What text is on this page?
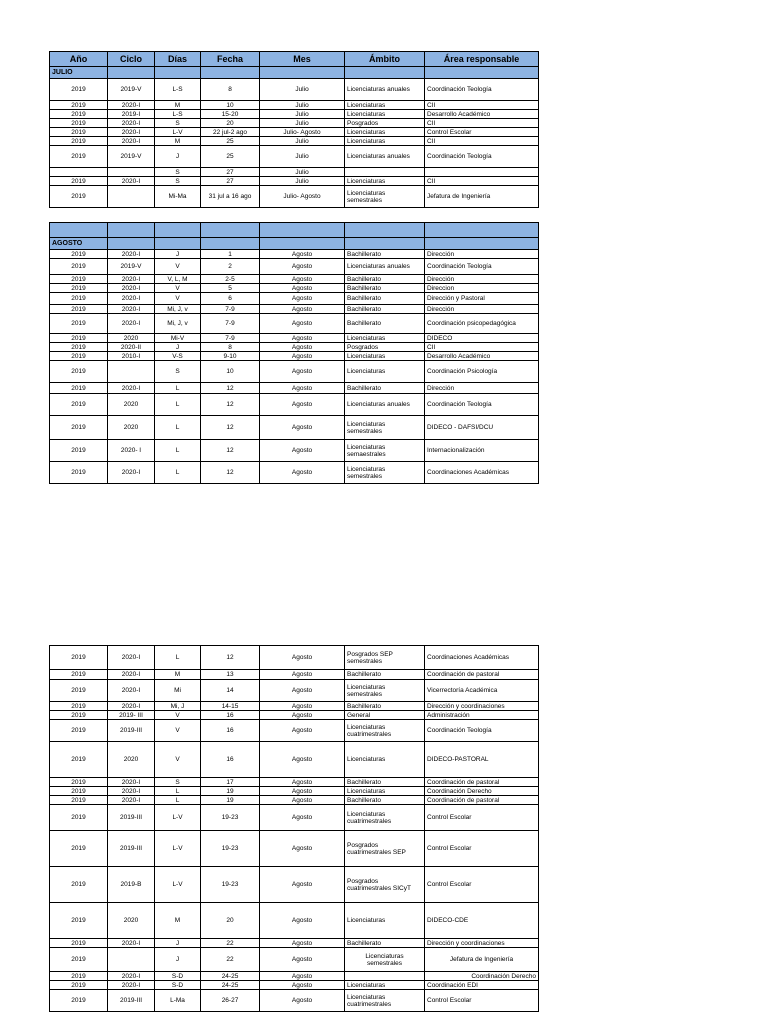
Año	Ciclo	Días	Fecha	Mes	Ámbito	Área responsable
JULIO						
2019	2019-V	L-S	8	Julio	Licenciaturas anuales	Coordinación Teología
2019	2020-I	M	10	Julio	Licenciaturas	CII
2019	2019-I	L-S	15-20	Julio	Licenciaturas	Desarrollo Académico
2019	2020-I	S	20	Julio	Posgrados	CII
2019	2020-I	L-V	22 jul-2 ago	Julio- Agosto	Licenciaturas	Control Escolar
2019	2020-I	M	25	Julio	Licenciaturas	CII
2019	2019-V	J	25	Julio	Licenciaturas anuales	Coordinación Teología
		S	27	Julio		
2019	2020-I	S	27	Julio	Licenciaturas	CII
2019		Mi-Ma	31 jul a 16 ago	Julio- Agosto	Licenciaturas semestrales	Jefatura de Ingeniería

AGOSTO						
2019	2020-I	J	1	Agosto	Bachillerato	Dirección
2019	2019-V	V	2	Agosto	Licenciaturas anuales	Coordinación Teología
2019	2020-I	V, L, M	2-5	Agosto	Bachillerato	Dirección
2019	2020-I	V	5	Agosto	Bachillerato	Direccion
2019	2020-I	V	6	Agosto	Bachillerato	Dirección y Pastoral
2019	2020-I	Mi, J, v	7-9	Agosto	Bachillerato	Dirección
2019	2020-I	Mi, J, v	7-9	Agosto	Bachillerato	Coordinación psicopedagógica
2019	2020	Mi-V	7-9	Agosto	Licenciaturas	DIDECO
2019	2020-II	J	8	Agosto	Posgrados	CII
2019	2010-I	V-S	9-10	Agosto	Licenciaturas	Desarrollo Académico
2019		S	10	Agosto	Licenciaturas	Coordinación Psicología
2019	2020-I	L	12	Agosto	Bachillerato	Dirección
2019	2020	L	12	Agosto	Licenciaturas anuales	Coordinación Teología
2019	2020	L	12	Agosto	Licenciaturas semestrales	DIDECO - DAFSI/DCU
2019	2020- I	L	12	Agosto	Licenciaturas semaestrales	Internacionalización
2019	2020-I	L	12	Agosto	Licenciaturas semestrales	Coordinaciones Académicas
2019	2020-I	L	12	Agosto	Posgrados SEP semestrales	Coordinaciones Académicas
2019	2020-I	M	13	Agosto	Bachillerato	Coordinación de pastoral
2019	2020-I	Mi	14	Agosto	Licenciaturas semestrales	Vicerrectoría Académica
2019	2020-I	Mi, J	14-15	Agosto	Bachillerato	Dirección y coordinaciones
2019	2019- III	V	16	Agosto	General	Administración
2019	2019-III	V	16	Agosto	Licenciaturas cuatrimestrales	Coordinación Teología
2019	2020	V	16	Agosto	Licenciaturas	DIDECO-PASTORAL
2019	2020-I	S	17	Agosto	Bachillerato	Coordinación de pastoral
2019	2020-I	L	19	Agosto	Licenciaturas	Coordinación Derecho
2019	2020-I	L	19	Agosto	Bachillerato	Coordinación de pastoral
2019	2019-III	L-V	19-23	Agosto	Licenciaturas cuatrimestrales	Control Escolar
2019	2019-III	L-V	19-23	Agosto	Posgrados cuatrimestrales SEP	Control Escolar
2019	2019-B	L-V	19-23	Agosto	Posgrados cuatrimestrales SICyT	Control Escolar
2019	2020	M	20	Agosto	Licenciaturas	DIDECO-CDE
2019	2020-I	J	22	Agosto	Bachillerato	Dirección y coordinaciones
2019		J	22	Agosto	Licenciaturas semestrales	Jefatura de Ingeniería
2019	2020-I	S-D	24-25	Agosto		Coordinación Derecho
2019	2020-I	S-D	24-25	Agosto	Licenciaturas	Coordinación EDI
2019	2019-III	L-Ma	26-27	Agosto	Licenciaturas cuatrimestrales	Control Escolar
